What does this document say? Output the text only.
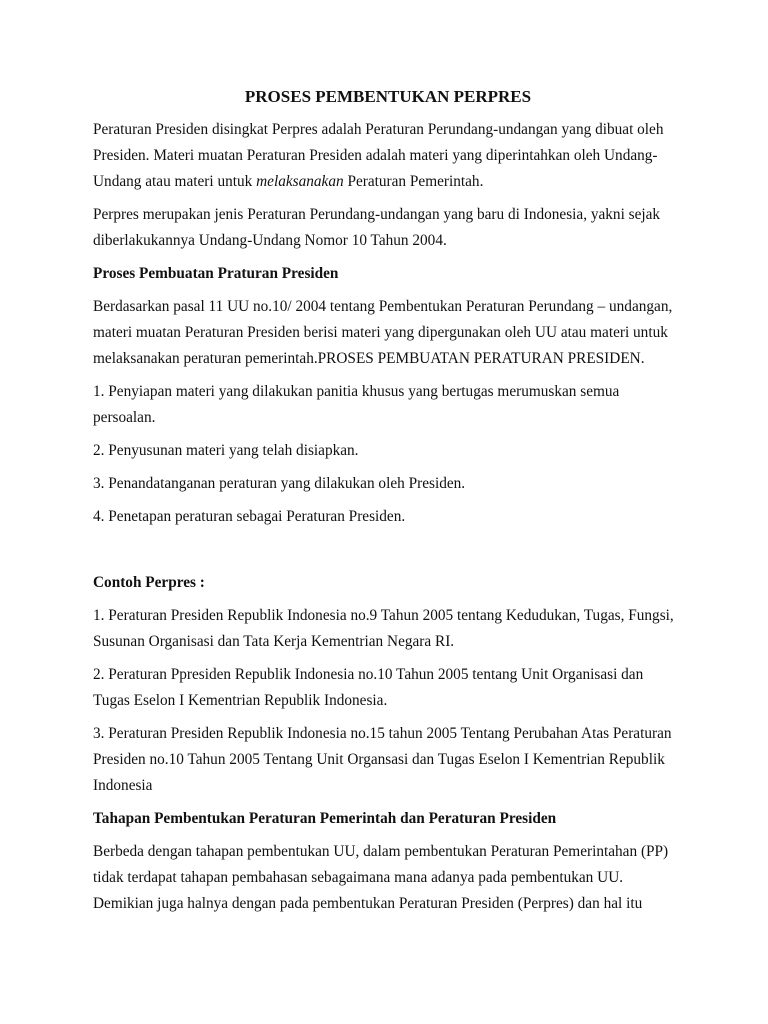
PROSES PEMBENTUKAN PERPRES
Peraturan Presiden disingkat Perpres adalah Peraturan Perundang-undangan yang dibuat oleh Presiden. Materi muatan Peraturan Presiden adalah materi yang diperintahkan oleh Undang-Undang atau materi untuk melaksanakan Peraturan Pemerintah.
Perpres merupakan jenis Peraturan Perundang-undangan yang baru di Indonesia, yakni sejak diberlakukannya Undang-Undang Nomor 10 Tahun 2004.
Proses Pembuatan Praturan Presiden
Berdasarkan pasal 11 UU no.10/ 2004 tentang Pembentukan Peraturan Perundang – undangan, materi muatan Peraturan Presiden berisi materi yang dipergunakan oleh UU atau materi untuk melaksanakan peraturan pemerintah.PROSES PEMBUATAN PERATURAN PRESIDEN.
1. Penyiapan materi yang dilakukan panitia khusus yang bertugas merumuskan semua persoalan.
2. Penyusunan materi yang telah disiapkan.
3. Penandatanganan peraturan yang dilakukan oleh Presiden.
4. Penetapan peraturan sebagai Peraturan Presiden.
Contoh Perpres :
1. Peraturan Presiden Republik Indonesia no.9 Tahun 2005 tentang Kedudukan, Tugas, Fungsi, Susunan Organisasi dan Tata Kerja Kementrian Negara RI.
2. Peraturan Ppresiden Republik Indonesia no.10 Tahun 2005 tentang Unit Organisasi dan Tugas Eselon I Kementrian Republik Indonesia.
3. Peraturan Presiden Republik Indonesia no.15 tahun 2005 Tentang Perubahan Atas Peraturan Presiden no.10 Tahun 2005 Tentang Unit Organsasi dan Tugas Eselon I Kementrian Republik Indonesia
Tahapan Pembentukan Peraturan Pemerintah dan Peraturan Presiden
Berbeda dengan tahapan pembentukan UU, dalam pembentukan Peraturan Pemerintahan (PP) tidak terdapat tahapan pembahasan sebagaimana mana adanya pada pembentukan UU. Demikian juga halnya dengan pada pembentukan Peraturan Presiden (Perpres) dan hal itu
